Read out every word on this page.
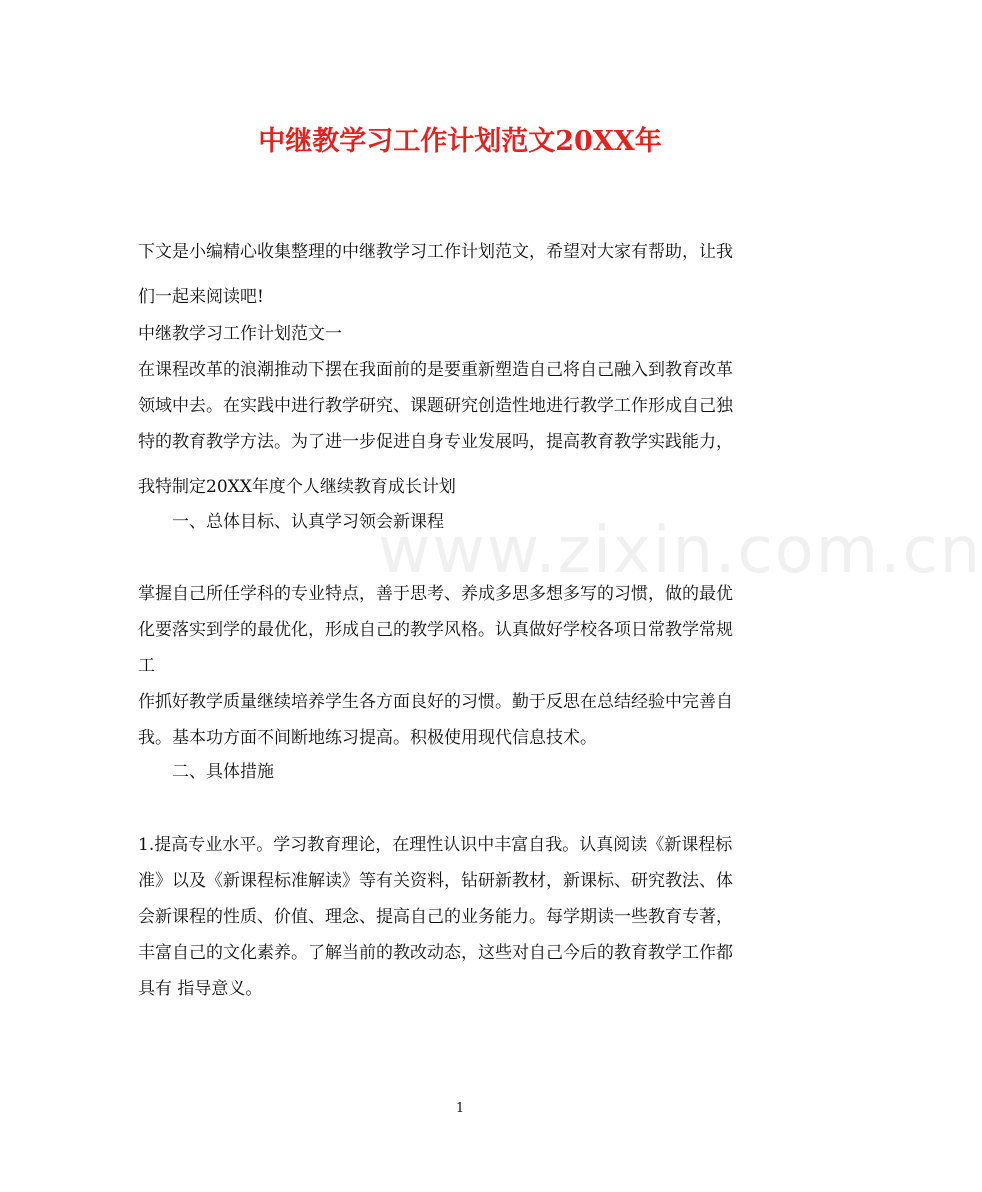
www.zixin.com.cn
中继教学习工作计划范文20XX年
下文是小编精心收集整理的中继教学习工作计划范文，希望对大家有帮助，让我
们一起来阅读吧!
中继教学习工作计划范文一
在课程改革的浪潮推动下摆在我面前的是要重新塑造自己将自己融入到教育改革
领域中去。在实践中进行教学研究、课题研究创造性地进行教学工作形成自己独
特的教育教学方法。为了进一步促进自身专业发展吗，提高教育教学实践能力，
我特制定20XX年度个人继续教育成长计划
一、总体目标、认真学习领会新课程
掌握自己所任学科的专业特点，善于思考、养成多思多想多写的习惯，做的最优
化要落实到学的最优化，形成自己的教学风格。认真做好学校各项日常教学常规
工
作抓好教学质量继续培养学生各方面良好的习惯。勤于反思在总结经验中完善自
我。基本功方面不间断地练习提高。积极使用现代信息技术。
二、具体措施
1.提高专业水平。学习教育理论，在理性认识中丰富自我。认真阅读《新课程标
准》以及《新课程标准解读》等有关资料，钻研新教材，新课标、研究教法、体
会新课程的性质、价值、理念、提高自己的业务能力。每学期读一些教育专著，
丰富自己的文化素养。了解当前的教改动态，这些对自己今后的教育教学工作都
具有 指导意义。
1
